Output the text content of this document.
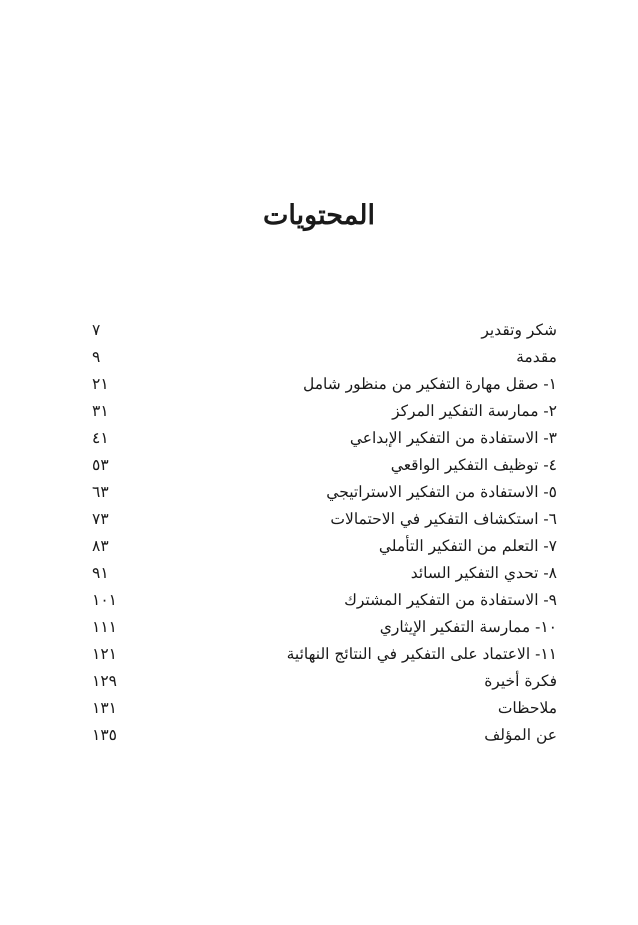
المحتويات
شكر وتقدير
٧
مقدمة
٩
١- صقل مهارة التفكير من منظور شامل
٢١
٢- ممارسة التفكير المركز
٣١
٣- الاستفادة من التفكير الإبداعي
٤١
٤- توظيف التفكير الواقعي
٥٣
٥- الاستفادة من التفكير الاستراتيجي
٦٣
٦- استكشاف التفكير في الاحتمالات
٧٣
٧- التعلم من التفكير التأملي
٨٣
٨- تحدي التفكير السائد
٩١
٩- الاستفادة من التفكير المشترك
١٠١
١٠- ممارسة التفكير الإيثاري
١١١
١١- الاعتماد على التفكير في النتائج النهائية
١٢١
فكرة أخيرة
١٢٩
ملاحظات
١٣١
عن المؤلف
١٣٥
